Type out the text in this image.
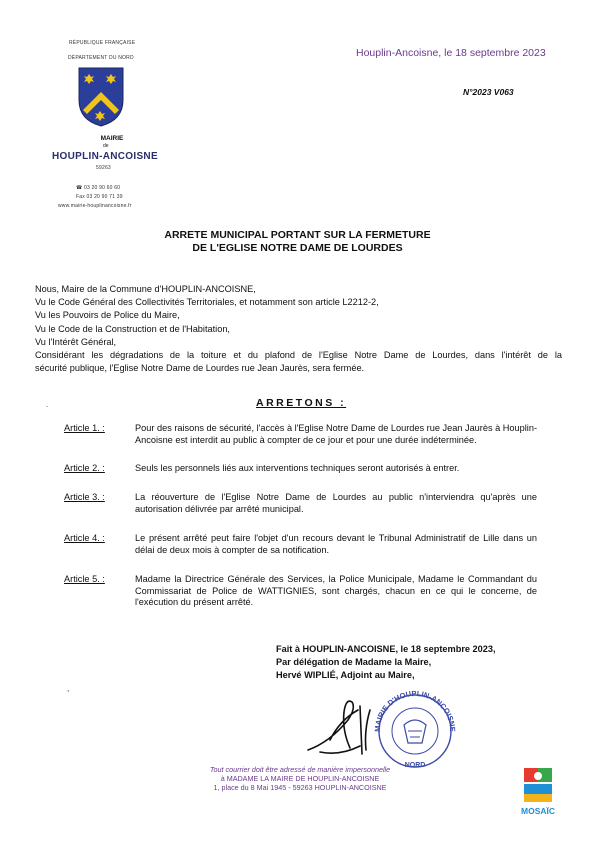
RÉPUBLIQUE FRANÇAISE
DÉPARTEMENT DU NORD
MAIRIE
de
HOUPLIN-ANCOISNE
59263
☎ 03 20 90 60 60
Fax 03 20 90 71 39
www.mairie-houplinancoisne.fr
Houplin-Ancoisne, le 18 septembre 2023
N°2023 V063
ARRETE MUNICIPAL PORTANT SUR LA FERMETURE
DE L'EGLISE NOTRE DAME DE LOURDES
Nous, Maire de la Commune d'HOUPLIN-ANCOISNE,
Vu le Code Général des Collectivités Territoriales, et notamment son article L2212-2,
Vu les Pouvoirs de Police du Maire,
Vu le Code de la Construction et de l'Habitation,
Vu l'Intérêt Général,
Considérant les dégradations de la toiture et du plafond de l'Eglise Notre Dame de Lourdes, dans l'intérêt de la
sécurité publique, l'Eglise Notre Dame de Lourdes rue Jean Jaurès, sera fermée.
.	ARRETONS :
Article 1. :	Pour des raisons de sécurité, l'accès à l'Eglise Notre Dame de Lourdes rue Jean Jaurès à Houplin-Ancoisne est interdit au public à compter de ce jour et pour une durée indéterminée.
Article 2. :	Seuls les personnels liés aux interventions techniques seront autorisés à entrer.
Article 3. :	La réouverture de l'Eglise Notre Dame de Lourdes au public n'interviendra qu'après une autorisation délivrée par arrêté municipal.
Article 4. :	Le présent arrêté peut faire l'objet d'un recours devant le Tribunal Administratif de Lille dans un délai de deux mois à compter de sa notification.
Article 5. :	Madame la Directrice Générale des Services, la Police Municipale, Madame le Commandant du Commissariat de Police de WATTIGNIES, sont chargés, chacun en ce qui le concerne, de l'exécution du présent arrêté.
Fait à HOUPLIN-ANCOISNE, le 18 septembre 2023,
Par délégation de Madame la Maire,
Hervé WIPLIÉ, Adjoint au Maire,
,
MAIRIE D'HOUPLIN-ANCOISNE
NORD
Tout courrier doit être adressé de manière impersonnelle
à MADAME LA MAIRE DE HOUPLIN-ANCOISNE
1, place du 8 Mai 1945 - 59263 HOUPLIN-ANCOISNE
MOSAÏC
